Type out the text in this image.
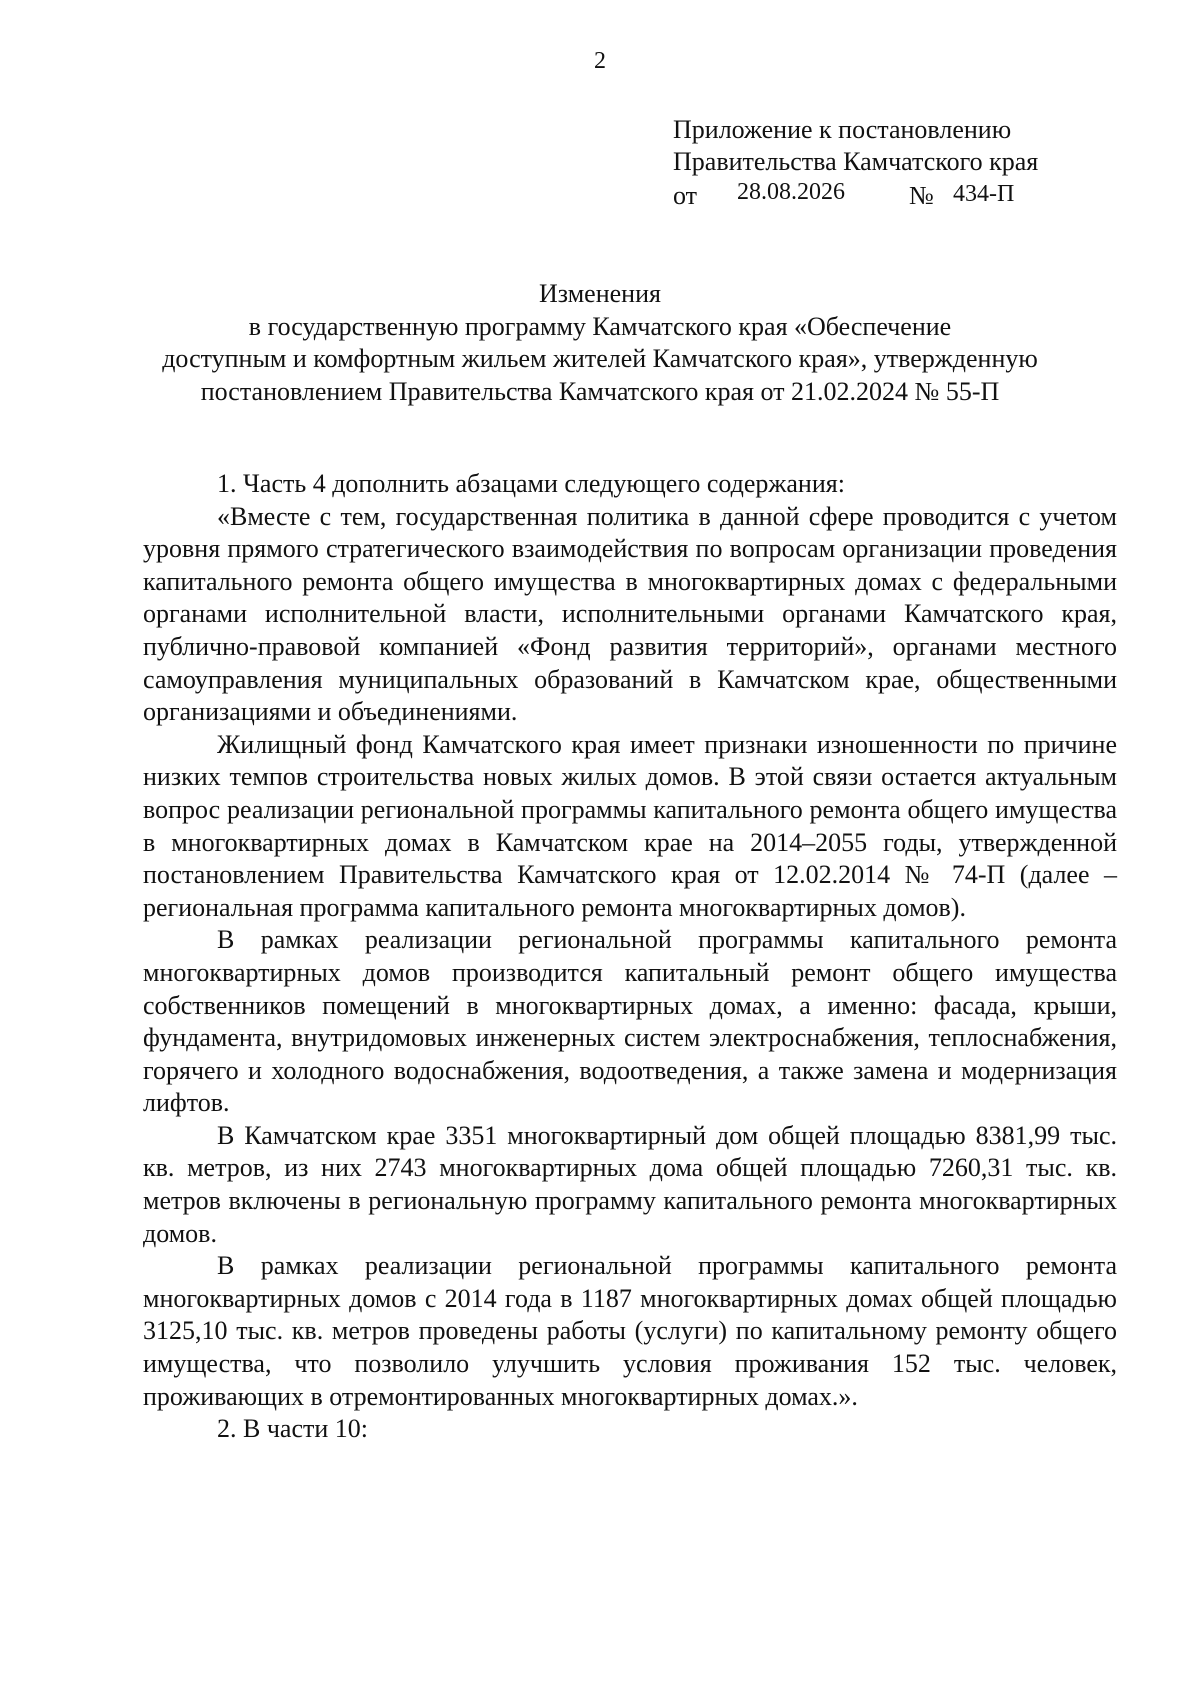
2
Приложение к постановлению
Правительства Камчатского края
от 28.08.2026 № 434-П
Изменения
в государственную программу Камчатского края «Обеспечение
доступным и комфортным жильем жителей Камчатского края», утвержденную
постановлением Правительства Камчатского края от 21.02.2024 № 55-П

1. Часть 4 дополнить абзацами следующего содержания:

«Вместе с тем, государственная политика в данной сфере проводится с учетом уровня прямого стратегического взаимодействия по вопросам организации проведения капитального ремонта общего имущества в многоквартирных домах с федеральными органами исполнительной власти, исполнительными органами Камчатского края, публично-правовой компанией «Фонд развития территорий», органами местного самоуправления муниципальных образований в Камчатском крае, общественными организациями и объединениями.

Жилищный фонд Камчатского края имеет признаки изношенности по причине низких темпов строительства новых жилых домов. В этой связи остается актуальным вопрос реализации региональной программы капитального ремонта общего имущества в многоквартирных домах в Камчатском крае на 2014–2055 годы, утвержденной постановлением Правительства Камчатского края от 12.02.2014 № 74-П (далее – региональная программа капитального ремонта многоквартирных домов).

В рамках реализации региональной программы капитального ремонта многоквартирных домов производится капитальный ремонт общего имущества собственников помещений в многоквартирных домах, а именно: фасада, крыши, фундамента, внутридомовых инженерных систем электроснабжения, теплоснабжения, горячего и холодного водоснабжения, водоотведения, а также замена и модернизация лифтов.

В Камчатском крае 3351 многоквартирный дом общей площадью 8381,99 тыс. кв. метров, из них 2743 многоквартирных дома общей площадью 7260,31 тыс. кв. метров включены в региональную программу капитального ремонта многоквартирных домов.

В рамках реализации региональной программы капитального ремонта многоквартирных домов с 2014 года в 1187 многоквартирных домах общей площадью 3125,10 тыс. кв. метров проведены работы (услуги) по капитальному ремонту общего имущества, что позволило улучшить условия проживания 152 тыс. человек, проживающих в отремонтированных многоквартирных домах.».

2. В части 10:
